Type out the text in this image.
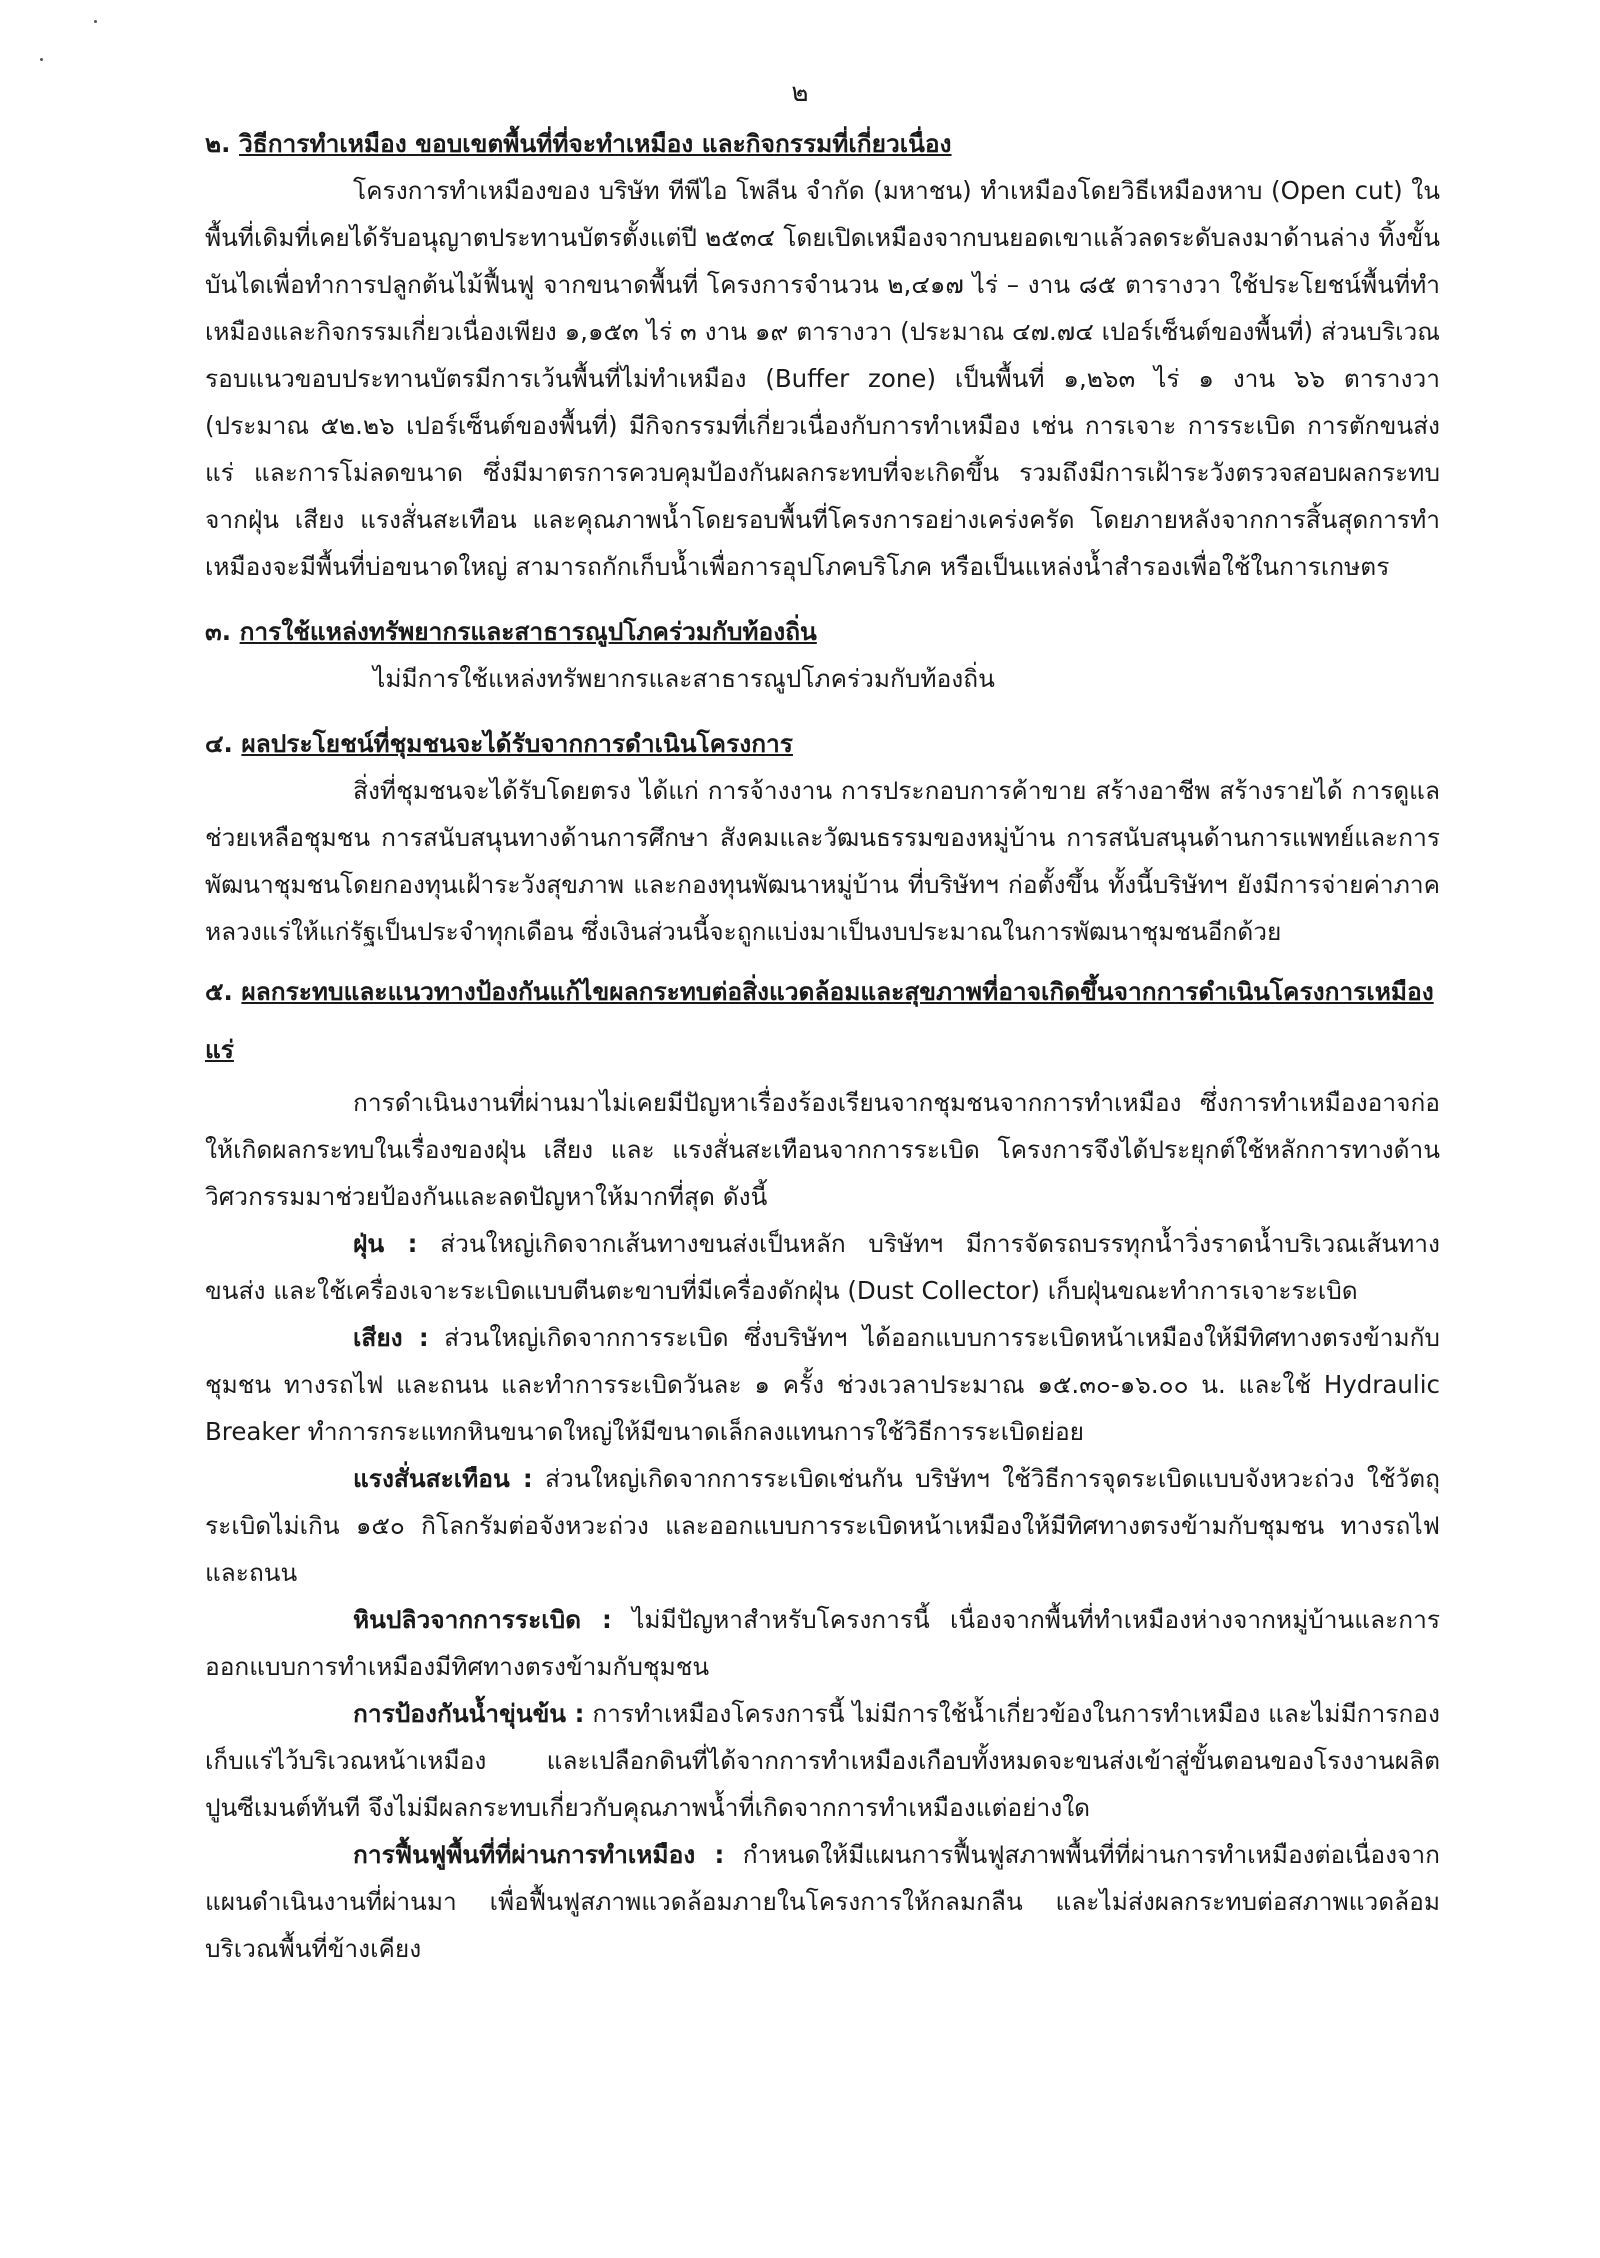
๒

๒. วิธีการทำเหมือง ขอบเขตพื้นที่ที่จะทำเหมือง และกิจกรรมที่เกี่ยวเนื่อง

โครงการทำเหมืองของ บริษัท ทีพีไอ โพลีน จำกัด (มหาชน) ทำเหมืองโดยวิธีเหมืองหาบ (Open cut) ในพื้นที่เดิมที่เคยได้รับอนุญาตประทานบัตรตั้งแต่ปี ๒๕๓๔ โดยเปิดเหมืองจากบนยอดเขาแล้วลดระดับลงมาด้านล่าง ทิ้งขั้นบันไดเพื่อทำการปลูกต้นไม้ฟื้นฟู จากขนาดพื้นที่ โครงการจำนวน ๒,๔๑๗ ไร่ – งาน ๘๕ ตารางวา ใช้ประโยชน์พื้นที่ทำเหมืองและกิจกรรมเกี่ยวเนื่องเพียง ๑,๑๕๓ ไร่ ๓ งาน ๑๙ ตารางวา (ประมาณ ๔๗.๗๔ เปอร์เซ็นต์ของพื้นที่) ส่วนบริเวณรอบแนวขอบประทานบัตรมีการเว้นพื้นที่ไม่ทำเหมือง (Buffer zone) เป็นพื้นที่ ๑,๒๖๓ ไร่ ๑ งาน ๖๖ ตารางวา (ประมาณ ๕๒.๒๖ เปอร์เซ็นต์ของพื้นที่) มีกิจกรรมที่เกี่ยวเนื่องกับการทำเหมือง เช่น การเจาะ การระเบิด การตักขนส่งแร่ และการโม่ลดขนาด ซึ่งมีมาตรการควบคุมป้องกันผลกระทบที่จะเกิดขึ้น รวมถึงมีการเฝ้าระวังตรวจสอบผลกระทบจากฝุ่น เสียง แรงสั่นสะเทือน และคุณภาพน้ำโดยรอบพื้นที่โครงการอย่างเคร่งครัด โดยภายหลังจากการสิ้นสุดการทำเหมืองจะมีพื้นที่บ่อขนาดใหญ่ สามารถกักเก็บน้ำเพื่อการอุปโภคบริโภค หรือเป็นแหล่งน้ำสำรองเพื่อใช้ในการเกษตร

๓. การใช้แหล่งทรัพยากรและสาธารณูปโภคร่วมกับท้องถิ่น

ไม่มีการใช้แหล่งทรัพยากรและสาธารณูปโภคร่วมกับท้องถิ่น

๔. ผลประโยชน์ที่ชุมชนจะได้รับจากการดำเนินโครงการ

สิ่งที่ชุมชนจะได้รับโดยตรง ได้แก่ การจ้างงาน การประกอบการค้าขาย สร้างอาชีพ สร้างรายได้ การดูแลช่วยเหลือชุมชน การสนับสนุนทางด้านการศึกษา สังคมและวัฒนธรรมของหมู่บ้าน การสนับสนุนด้านการแพทย์และการพัฒนาชุมชนโดยกองทุนเฝ้าระวังสุขภาพ และกองทุนพัฒนาหมู่บ้าน ที่บริษัทฯ ก่อตั้งขึ้น ทั้งนี้บริษัทฯ ยังมีการจ่ายค่าภาคหลวงแร่ให้แก่รัฐเป็นประจำทุกเดือน ซึ่งเงินส่วนนี้จะถูกแบ่งมาเป็นงบประมาณในการพัฒนาชุมชนอีกด้วย

๕. ผลกระทบและแนวทางป้องกันแก้ไขผลกระทบต่อสิ่งแวดล้อมและสุขภาพที่อาจเกิดขึ้นจากการดำเนินโครงการเหมืองแร่

การดำเนินงานที่ผ่านมาไม่เคยมีปัญหาเรื่องร้องเรียนจากชุมชนจากการทำเหมือง ซึ่งการทำเหมืองอาจก่อให้เกิดผลกระทบในเรื่องของฝุ่น เสียง และ แรงสั่นสะเทือนจากการระเบิด โครงการจึงได้ประยุกต์ใช้หลักการทางด้านวิศวกรรมมาช่วยป้องกันและลดปัญหาให้มากที่สุด ดังนี้

ฝุ่น : ส่วนใหญ่เกิดจากเส้นทางขนส่งเป็นหลัก บริษัทฯ มีการจัดรถบรรทุกน้ำวิ่งราดน้ำบริเวณเส้นทางขนส่ง และใช้เครื่องเจาะระเบิดแบบตีนตะขาบที่มีเครื่องดักฝุ่น (Dust Collector) เก็บฝุ่นขณะทำการเจาะระเบิด

เสียง : ส่วนใหญ่เกิดจากการระเบิด ซึ่งบริษัทฯ ได้ออกแบบการระเบิดหน้าเหมืองให้มีทิศทางตรงข้ามกับชุมชน ทางรถไฟ และถนน และทำการระเบิดวันละ ๑ ครั้ง ช่วงเวลาประมาณ ๑๕.๓๐-๑๖.๐๐ น. และใช้ Hydraulic Breaker ทำการกระแทกหินขนาดใหญ่ให้มีขนาดเล็กลงแทนการใช้วิธีการระเบิดย่อย

แรงสั่นสะเทือน : ส่วนใหญ่เกิดจากการระเบิดเช่นกัน บริษัทฯ ใช้วิธีการจุดระเบิดแบบจังหวะถ่วง ใช้วัตถุระเบิดไม่เกิน ๑๕๐ กิโลกรัมต่อจังหวะถ่วง และออกแบบการระเบิดหน้าเหมืองให้มีทิศทางตรงข้ามกับชุมชน ทางรถไฟ และถนน

หินปลิวจากการระเบิด : ไม่มีปัญหาสำหรับโครงการนี้ เนื่องจากพื้นที่ทำเหมืองห่างจากหมู่บ้านและการออกแบบการทำเหมืองมีทิศทางตรงข้ามกับชุมชน

การป้องกันน้ำขุ่นข้น : การทำเหมืองโครงการนี้ ไม่มีการใช้น้ำเกี่ยวข้องในการทำเหมือง และไม่มีการกองเก็บแร่ไว้บริเวณหน้าเหมือง และเปลือกดินที่ได้จากการทำเหมืองเกือบทั้งหมดจะขนส่งเข้าสู่ขั้นตอนของโรงงานผลิตปูนซีเมนต์ทันที จึงไม่มีผลกระทบเกี่ยวกับคุณภาพน้ำที่เกิดจากการทำเหมืองแต่อย่างใด

การฟื้นฟูพื้นที่ที่ผ่านการทำเหมือง : กำหนดให้มีแผนการฟื้นฟูสภาพพื้นที่ที่ผ่านการทำเหมืองต่อเนื่องจากแผนดำเนินงานที่ผ่านมา เพื่อฟื้นฟูสภาพแวดล้อมภายในโครงการให้กลมกลืน และไม่ส่งผลกระทบต่อสภาพแวดล้อมบริเวณพื้นที่ข้างเคียง
